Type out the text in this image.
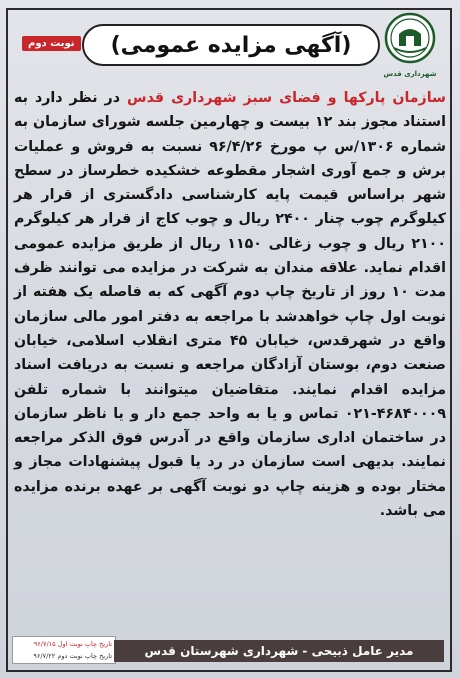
نوبت دوم (آگهی مزایده عمومی)
شهرداری قدس
سازمان پارکها و فضای سبز شهرداری قدس در نظر دارد به استناد مجوز بند ۱۲ بیست و چهارمین جلسه شورای سازمان به شماره ۱۳۰۶/س پ مورخ ۹۶/۴/۲۶ نسبت به فروش و عملیات برش و جمع آوری اشجار مقطوعه خشکیده خطرساز در سطح شهر براساس قیمت پایه کارشناسی دادگستری از قرار هر کیلوگرم چوب چنار ۲۴۰۰ ریال و چوب کاج از قرار هر کیلوگرم ۲۱۰۰ ریال و چوب زغالی ۱۱۵۰ ریال از طریق مزایده عمومی اقدام نماید. علاقه مندان به شرکت در مزایده می توانند ظرف مدت ۱۰ روز از تاریخ چاپ دوم آگهی که به فاصله یک هفته از نوبت اول چاپ خواهدشد با مراجعه به دفتر امور مالی سازمان واقع در شهرقدس، خیابان ۴۵ متری انقلاب اسلامی، خیابان صنعت دوم، بوستان آزادگان مراجعه و نسبت به دریافت اسناد مزایده اقدام نمایند. متقاضیان میتوانند با شماره تلفن ۴۶۸۴۰۰۰۹-۰۲۱ تماس و یا به واحد جمع دار و یا ناظر سازمان در ساختمان اداری سازمان واقع در آدرس فوق الذکر مراجعه نمایند. بدیهی است سازمان در رد یا قبول پیشنهادات مجاز و مختار بوده و هزینه چاپ دو نوبت آگهی بر عهده برنده مزایده می باشد.
تاریخ چاپ نوبت اول ۹۶/۷/۱۵
تاریخ چاپ نوبت دوم ۹۶/۷/۲۲	مدیر عامل ذبیحی - شهرداری شهرستان قدس
